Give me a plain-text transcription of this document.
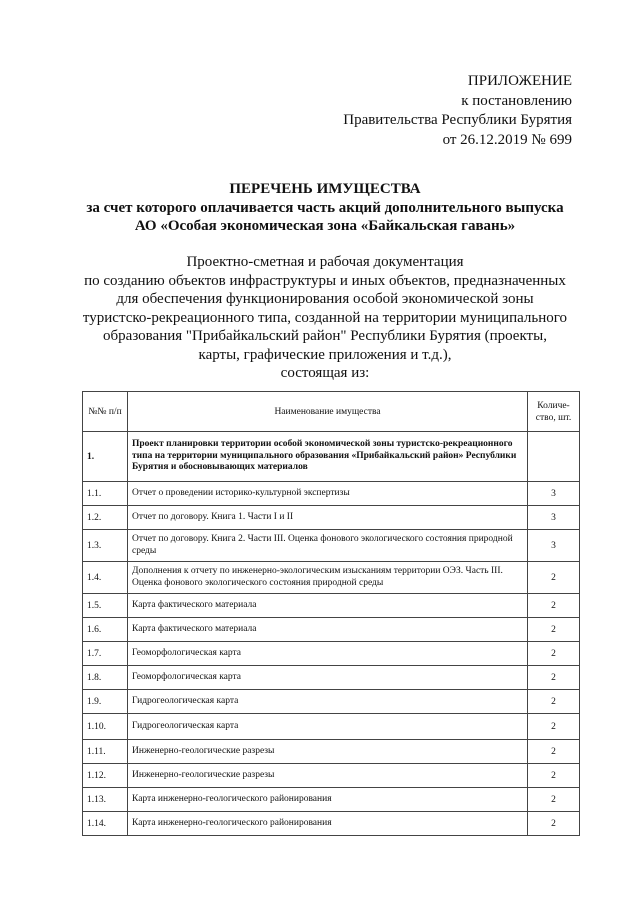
ПРИЛОЖЕНИЕ
к постановлению
Правительства Республики Бурятия
от 26.12.2019 № 699
ПЕРЕЧЕНЬ ИМУЩЕСТВА
за счет которого оплачивается часть акций дополнительного выпуска
АО «Особая экономическая зона «Байкальская гавань»
Проектно-сметная и рабочая документация
по созданию объектов инфраструктуры и иных объектов, предназначенных
для обеспечения функционирования особой экономической зоны
туристско-рекреационного типа, созданной на территории муниципального
образования "Прибайкальский район" Республики Бурятия (проекты,
карты, графические приложения и т.д.),
состоящая из:
№№ п/п	Наименование имущества	Количе-ство, шт.
1.	Проект планировки территории особой экономической зоны туристско-рекреационного типа на территории муниципального образования «Прибайкальский район» Республики Бурятия и обосновывающих материалов	
1.1.	Отчет о проведении историко-культурной экспертизы	3
1.2.	Отчет по договору. Книга 1. Части I и II	3
1.3.	Отчет по договору. Книга 2. Части III. Оценка фонового экологического состояния природной среды	3
1.4.	Дополнения к отчету по инженерно-экологическим изысканиям территории ОЭЗ. Часть III. Оценка фонового экологического состояния природной среды	2
1.5.	Карта фактического материала	2
1.6.	Карта фактического материала	2
1.7.	Геоморфологическая карта	2
1.8.	Геоморфологическая карта	2
1.9.	Гидрогеологическая карта	2
1.10.	Гидрогеологическая карта	2
1.11.	Инженерно-геологические разрезы	2
1.12.	Инженерно-геологические разрезы	2
1.13.	Карта инженерно-геологического районирования	2
1.14.	Карта инженерно-геологического районирования	2
